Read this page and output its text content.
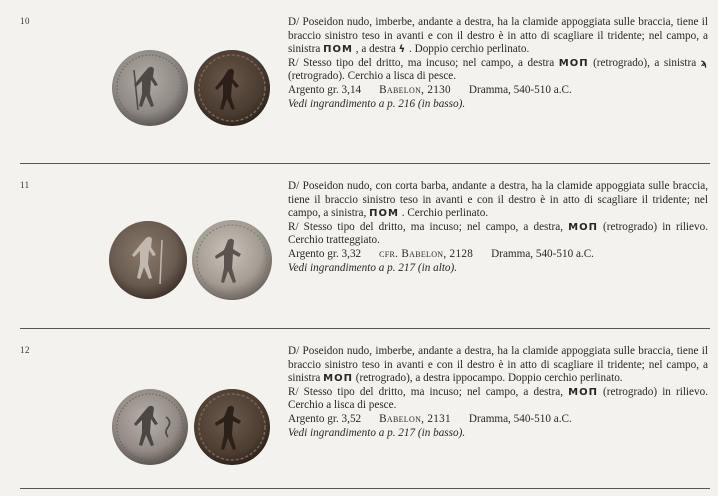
10	D/ Poseidon nudo, imberbe, andante a destra, ha la clamide appoggiata sulle braccia, tiene il braccio sinistro teso in avanti e con il destro è in atto di scagliare il tridente; nel campo, a sinistra ΠΟΜ , a destra ϟ . Doppio cerchio perlinato.

R/ Stesso tipo del dritto, ma incuso; nel campo, a destra ΜΟΠ (retrogrado), a sinistra ϡ (retrogrado). Cerchio a lisca di pesce.

Argento gr. 3,14 Babelon, 2130 Dramma, 540-510 a.C.

Vedi ingrandimento a p. 216 (in basso).

11	D/ Poseidon nudo, con corta barba, andante a destra, ha la clamide appoggiata sulle braccia, tiene il braccio sinistro teso in avanti e con il destro è in atto di scagliare il tridente; nel campo, a sinistra, ΠΟΜ . Cerchio perlinato.

R/ Stesso tipo del dritto, ma incuso; nel campo, a destra, ΜΟΠ (retrogrado) in rilievo. Cerchio tratteggiato.

Argento gr. 3,32 cfr. Babelon, 2128 Dramma, 540-510 a.C.

Vedi ingrandimento a p. 217 (in alto).

12	D/ Poseidon nudo, imberbe, andante a destra, ha la clamide appoggiata sulle braccia, tiene il braccio sinistro teso in avanti e con il destro è in atto di scagliare il tridente; nel campo, a sinistra ΜΟΠ (retrogrado), a destra ippocampo. Doppio cerchio perlinato.

R/ Stesso tipo del dritto, ma incuso; nel campo, a destra, ΜΟΠ (retrogrado) in rilievo. Cerchio a lisca di pesce.

Argento gr. 3,52 Babelon, 2131 Dramma, 540-510 a.C.

Vedi ingrandimento a p. 217 (in basso).
